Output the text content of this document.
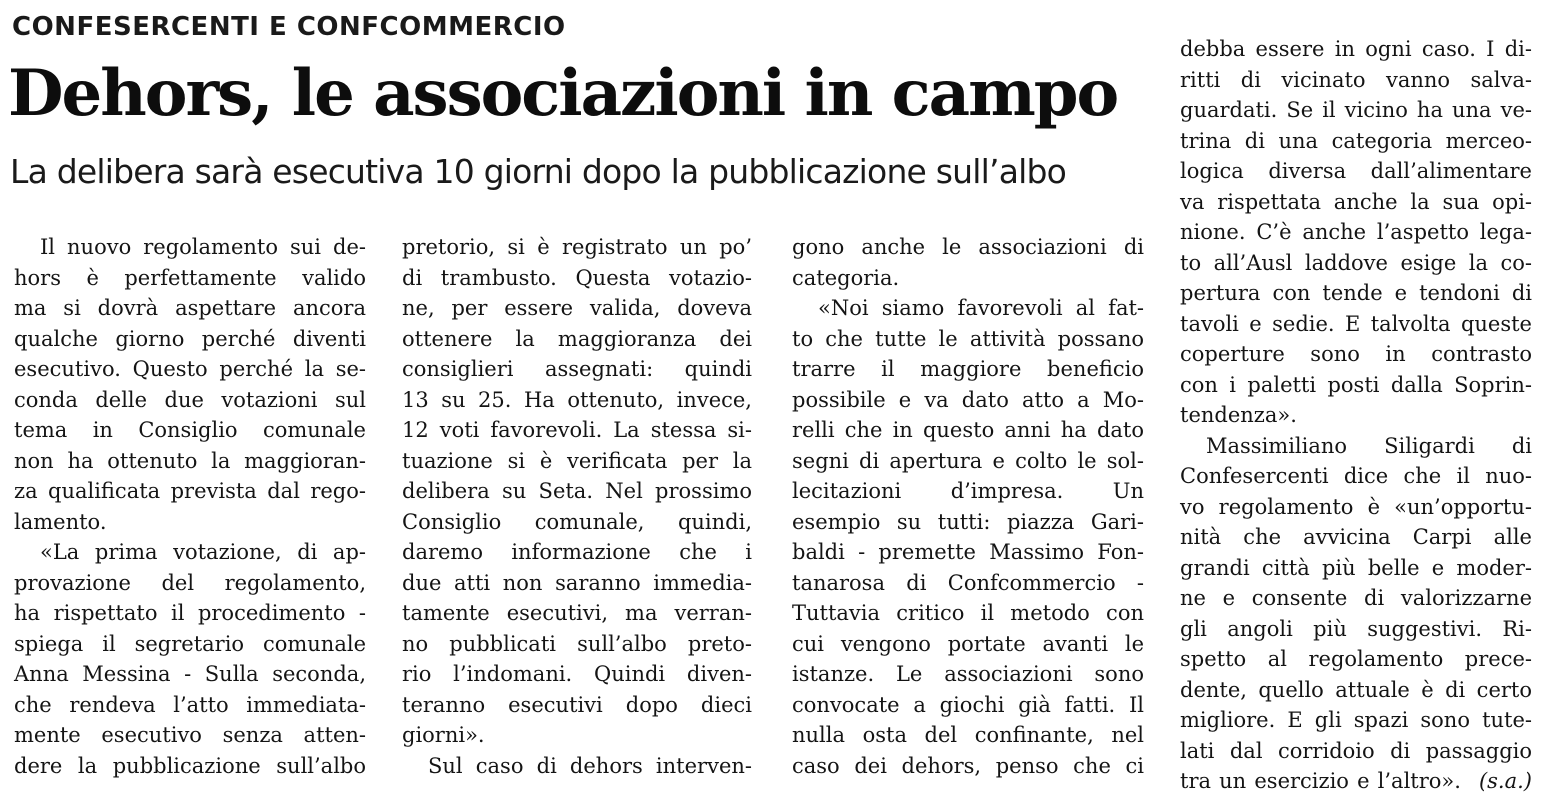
CONFESERCENTI E CONFCOMMERCIO
Dehors, le associazioni in campo
La delibera sarà esecutiva 10 giorni dopo la pubblicazione sull’albo

Il nuovo regolamento sui de-
hors è perfettamente valido
ma si dovrà aspettare ancora
qualche giorno perché diventi
esecutivo. Questo perché la se-
conda delle due votazioni sul
tema in Consiglio comunale
non ha ottenuto la maggioran-
za qualificata prevista dal rego-
lamento.

«La prima votazione, di ap-
provazione del regolamento,
ha rispettato il procedimento -
spiega il segretario comunale
Anna Messina - Sulla seconda,
che rendeva l’atto immediata-
mente esecutivo senza atten-
dere la pubblicazione sull’albo

pretorio, si è registrato un po’
di trambusto. Questa votazio-
ne, per essere valida, doveva
ottenere la maggioranza dei
consiglieri assegnati: quindi
13 su 25. Ha ottenuto, invece,
12 voti favorevoli. La stessa si-
tuazione si è verificata per la
delibera su Seta. Nel prossimo
Consiglio comunale, quindi,
daremo informazione che i
due atti non saranno immedia-
tamente esecutivi, ma verran-
no pubblicati sull’albo preto-
rio l’indomani. Quindi diven-
teranno esecutivi dopo dieci
giorni».

Sul caso di dehors interven-

gono anche le associazioni di
categoria.

«Noi siamo favorevoli al fat-
to che tutte le attività possano
trarre il maggiore beneficio
possibile e va dato atto a Mo-
relli che in questo anni ha dato
segni di apertura e colto le sol-
lecitazioni d’impresa. Un
esempio su tutti: piazza Gari-
baldi - premette Massimo Fon-
tanarosa di Confcommercio -
Tuttavia critico il metodo con
cui vengono portate avanti le
istanze. Le associazioni sono
convocate a giochi già fatti. Il
nulla osta del confinante, nel
caso dei dehors, penso che ci

debba essere in ogni caso. I di-
ritti di vicinato vanno salva-
guardati. Se il vicino ha una ve-
trina di una categoria merceo-
logica diversa dall’alimentare
va rispettata anche la sua opi-
nione. C’è anche l’aspetto lega-
to all’Ausl laddove esige la co-
pertura con tende e tendoni di
tavoli e sedie. E talvolta queste
coperture sono in contrasto
con i paletti posti dalla Soprin-
tendenza».

Massimiliano Siligardi di
Confesercenti dice che il nuo-
vo regolamento è «un’opportu-
nità che avvicina Carpi alle
grandi città più belle e moder-
ne e consente di valorizzarne
gli angoli più suggestivi. Ri-
spetto al regolamento prece-
dente, quello attuale è di certo
migliore. E gli spazi sono tute-
lati dal corridoio di passaggio
tra un esercizio e l’altro». (s.a.)
